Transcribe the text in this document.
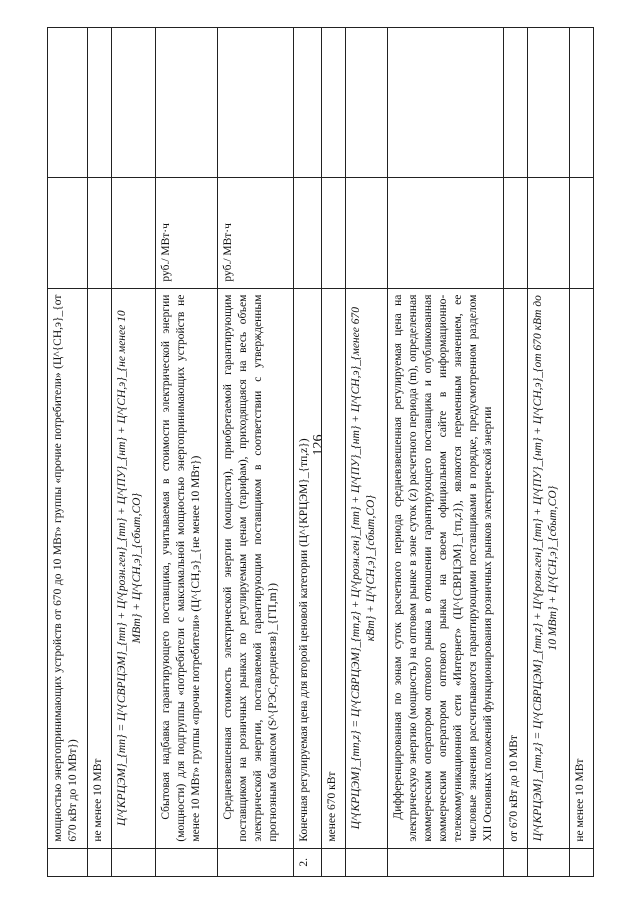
126
	мощностью энергопринимающих устройств от 670 до 10 МВт» группы «прочие потребители» (Ц^{СН,э}_{от 670 кВт до 10 МВт})		
	не менее 10 МВт		
	Ц^{КРЦЭМ}_{тп} = Ц^{СВРЦЭМ}_{тп} + Ц^{розн.ген}_{тп} + Ц^{ПУ}_{нт} + Ц^{СН,э}_{не менее 10 МВт} + Ц^{СН,э}_{сбыт,СО}		
	Сбытовая надбавка гарантирующего поставщика, учитываемая в стоимости электрической энергии (мощности) для подгруппы «потребители с максимальной мощностью энергопринимающих устройств не менее 10 МВт» группы «прочие потребители» (Ц^{СН,э}_{не менее 10 МВт})	руб./ МВт·ч	
	Средневзвешенная стоимость электрической энергии (мощности), приобретаемой гарантирующим поставщиком на розничных рынках по регулируемым ценам (тарифам), приходящаяся на весь объем электрической энергии, поставляемой гарантирующим поставщиком в соответствии с утвержденным прогнозным балансом (S^{РЭС,средневзв}_{ГП,m})	руб./ МВт·ч	
2.	Конечная регулируемая цена для второй ценовой категории (Ц^{КРЦЭМ}_{тп,z})		
	менее 670 кВт		
	Ц^{КРЦЭМ}_{тп,z} = Ц^{СВРЦЭМ}_{тп,z} + Ц^{розн.ген}_{тп} + Ц^{ПУ}_{нт} + Ц^{СН,э}_{менее 670 кВт} + Ц^{СН,э}_{сбыт,СО}		
	Дифференцированная по зонам суток расчетного периода средневзвешенная регулируемая цена на электрическую энергию (мощность) на оптовом рынке в зоне суток (z) расчетного периода (m), определенная коммерческим оператором оптового рынка в отношении гарантирующего поставщика и опубликованная коммерческим оператором оптового рынка на своем официальном сайте в информационно-телекоммуникационной сети «Интернет» (Ц^{СВРЦЭМ}_{тп,z}), являются переменным значением, ее числовые значения рассчитываются гарантирующими поставщиками в порядке, предусмотренном разделом XII Основных положений функционирования розничных рынков электрической энергии		
	от 670 кВт до 10 МВт		
	Ц^{КРЦЭМ}_{тп,z} = Ц^{СВРЦЭМ}_{тп,z} + Ц^{розн.ген}_{тп} + Ц^{ПУ}_{нт} + Ц^{СН,э}_{от 670 кВт до 10 МВт} + Ц^{СН,э}_{сбыт,СО}		
	не менее 10 МВт		
